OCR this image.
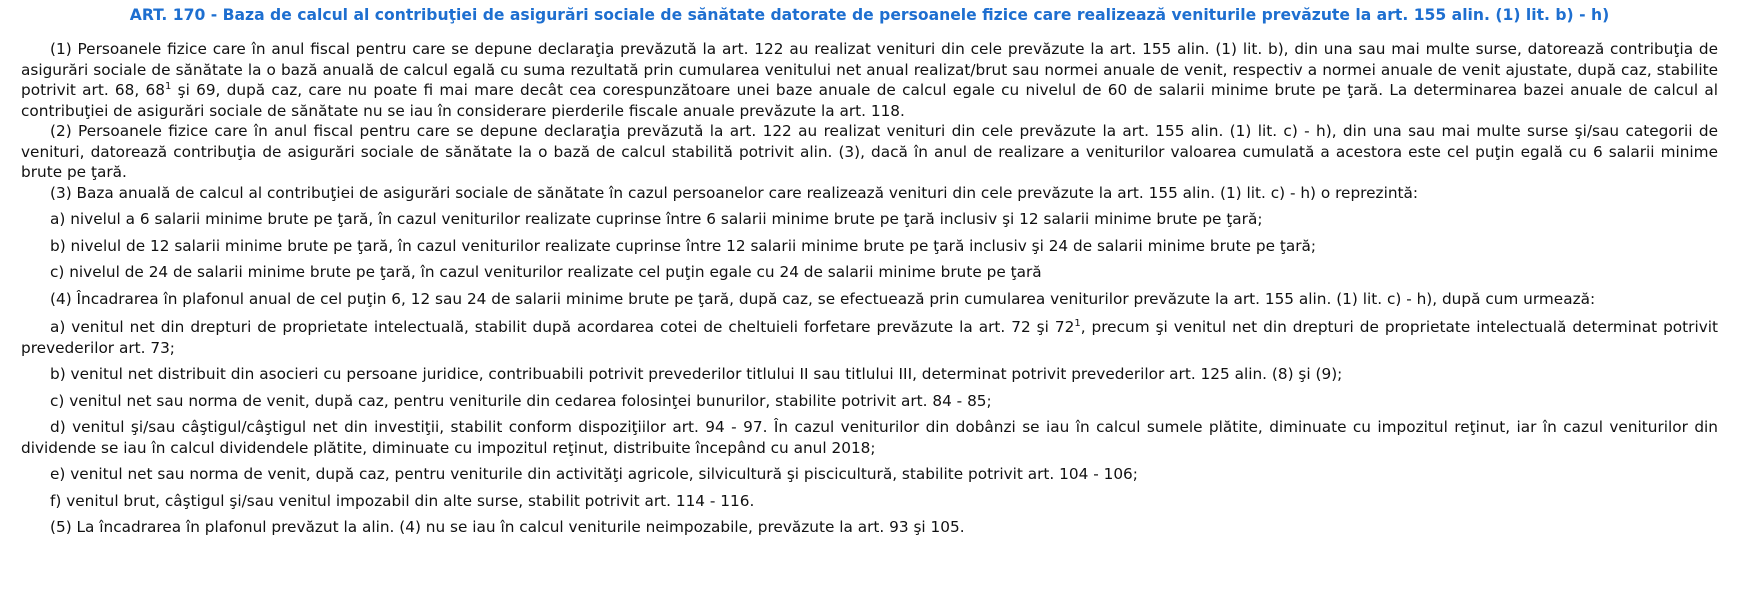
ART. 170 - Baza de calcul al contribuţiei de asigurări sociale de sănătate datorate de persoanele fizice care realizează veniturile prevăzute la art. 155 alin. (1) lit. b) - h)

(1) Persoanele fizice care în anul fiscal pentru care se depune declaraţia prevăzută la art. 122 au realizat venituri din cele prevăzute la art. 155 alin. (1) lit. b), din una sau mai multe surse, datorează contribuţia de asigurări sociale de sănătate la o bază anuală de calcul egală cu suma rezultată prin cumularea venitului net anual realizat/brut sau normei anuale de venit, respectiv a normei anuale de venit ajustate, după caz, stabilite potrivit art. 68, $68^1$ şi 69, după caz, care nu poate fi mai mare decât cea corespunzătoare unei baze anuale de calcul egale cu nivelul de 60 de salarii minime brute pe ţară. La determinarea bazei anuale de calcul al contribuţiei de asigurări sociale de sănătate nu se iau în considerare pierderile fiscale anuale prevăzute la art. 118.

(2) Persoanele fizice care în anul fiscal pentru care se depune declaraţia prevăzută la art. 122 au realizat venituri din cele prevăzute la art. 155 alin. (1) lit. c) - h), din una sau mai multe surse şi/sau categorii de venituri, datorează contribuţia de asigurări sociale de sănătate la o bază de calcul stabilită potrivit alin. (3), dacă în anul de realizare a veniturilor valoarea cumulată a acestora este cel puţin egală cu 6 salarii minime brute pe ţară.

(3) Baza anuală de calcul al contribuţiei de asigurări sociale de sănătate în cazul persoanelor care realizează venituri din cele prevăzute la art. 155 alin. (1) lit. c) - h) o reprezintă:

a) nivelul a 6 salarii minime brute pe ţară, în cazul veniturilor realizate cuprinse între 6 salarii minime brute pe ţară inclusiv şi 12 salarii minime brute pe ţară;

b) nivelul de 12 salarii minime brute pe ţară, în cazul veniturilor realizate cuprinse între 12 salarii minime brute pe ţară inclusiv şi 24 de salarii minime brute pe ţară;

c) nivelul de 24 de salarii minime brute pe ţară, în cazul veniturilor realizate cel puţin egale cu 24 de salarii minime brute pe ţară

(4) Încadrarea în plafonul anual de cel puţin 6, 12 sau 24 de salarii minime brute pe ţară, după caz, se efectuează prin cumularea veniturilor prevăzute la art. 155 alin. (1) lit. c) - h), după cum urmează:

a) venitul net din drepturi de proprietate intelectuală, stabilit după acordarea cotei de cheltuieli forfetare prevăzute la art. 72 şi $72^1$, precum şi venitul net din drepturi de proprietate intelectuală determinat potrivit prevederilor art. 73;

b) venitul net distribuit din asocieri cu persoane juridice, contribuabili potrivit prevederilor titlului II sau titlului III, determinat potrivit prevederilor art. 125 alin. (8) şi (9);

c) venitul net sau norma de venit, după caz, pentru veniturile din cedarea folosinţei bunurilor, stabilite potrivit art. 84 - 85;

d) venitul şi/sau câştigul/câştigul net din investiţii, stabilit conform dispoziţiilor art. 94 - 97. În cazul veniturilor din dobânzi se iau în calcul sumele plătite, diminuate cu impozitul reţinut, iar în cazul veniturilor din dividende se iau în calcul dividendele plătite, diminuate cu impozitul reţinut, distribuite începând cu anul 2018;

e) venitul net sau norma de venit, după caz, pentru veniturile din activităţi agricole, silvicultură şi piscicultură, stabilite potrivit art. 104 - 106;

f) venitul brut, câştigul şi/sau venitul impozabil din alte surse, stabilit potrivit art. 114 - 116.

(5) La încadrarea în plafonul prevăzut la alin. (4) nu se iau în calcul veniturile neimpozabile, prevăzute la art. 93 şi 105.
